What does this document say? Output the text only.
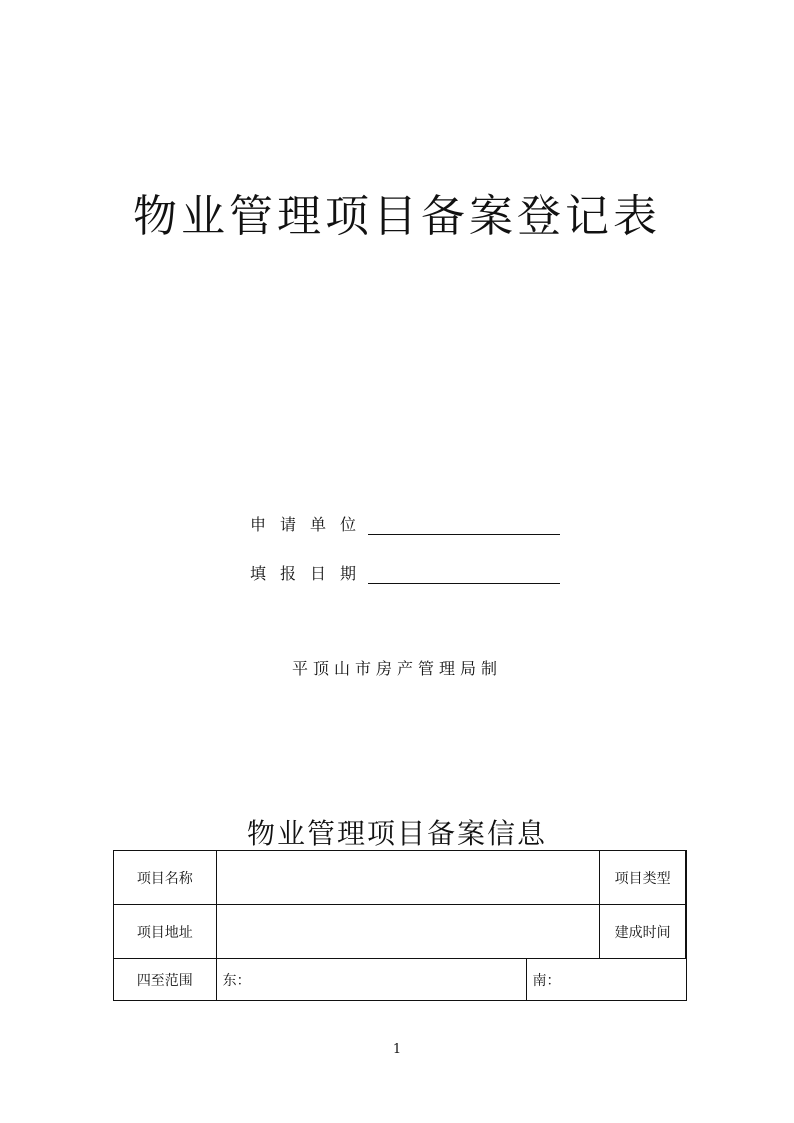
物业管理项目备案登记表
申请单位
填报日期
平顶山市房产管理局制
物业管理项目备案信息
项目名称			项目类型	
项目地址			建成时间	
四至范围	东：	南：		
1
